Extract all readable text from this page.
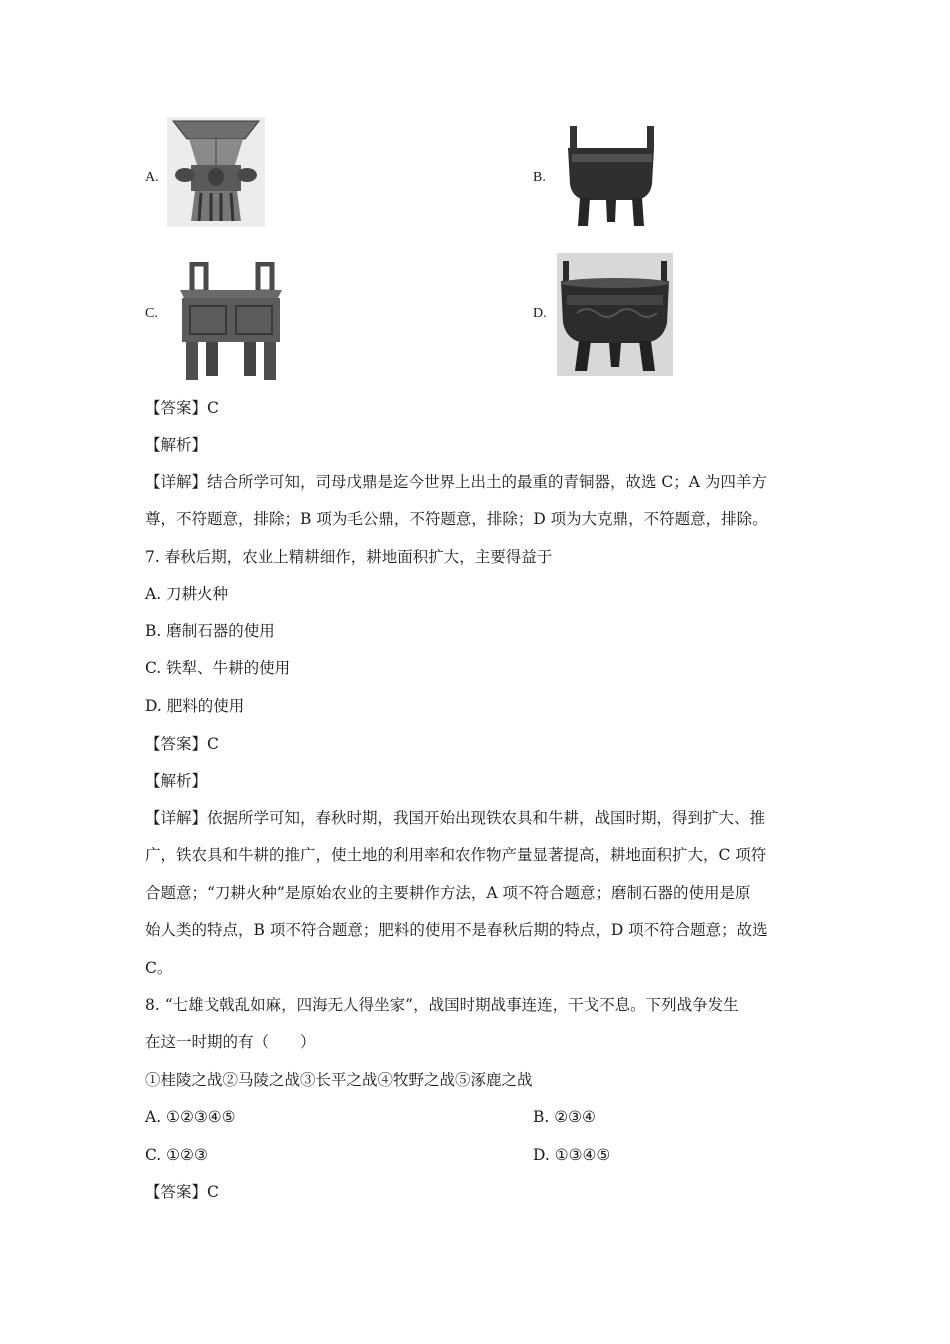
A.	B.
C.	D.
【答案】C
【解析】
【详解】结合所学可知，司母戊鼎是迄今世界上出土的最重的青铜器，故选 C；A 为四羊方
尊，不符题意，排除；B 项为毛公鼎，不符题意，排除；D 项为大克鼎，不符题意，排除。
7. 春秋后期，农业上精耕细作，耕地面积扩大，主要得益于
A. 刀耕火种
B. 磨制石器的使用
C. 铁犁、牛耕的使用
D. 肥料的使用
【答案】C
【解析】
【详解】依据所学可知，春秋时期，我国开始出现铁农具和牛耕，战国时期，得到扩大、推
广，铁农具和牛耕的推广，使土地的利用率和农作物产量显著提高，耕地面积扩大，C 项符
合题意；“刀耕火种”是原始农业的主要耕作方法，A 项不符合题意；磨制石器的使用是原
始人类的特点，B 项不符合题意；肥料的使用不是春秋后期的特点，D 项不符合题意；故选
C。
8. “七雄戈戟乱如麻，四海无人得坐家”，战国时期战事连连，干戈不息。下列战争发生
在这一时期的有（　　）
①桂陵之战②马陵之战③长平之战④牧野之战⑤涿鹿之战
A. ①②③④⑤	B. ②③④
C. ①②③	D. ①③④⑤
【答案】C
